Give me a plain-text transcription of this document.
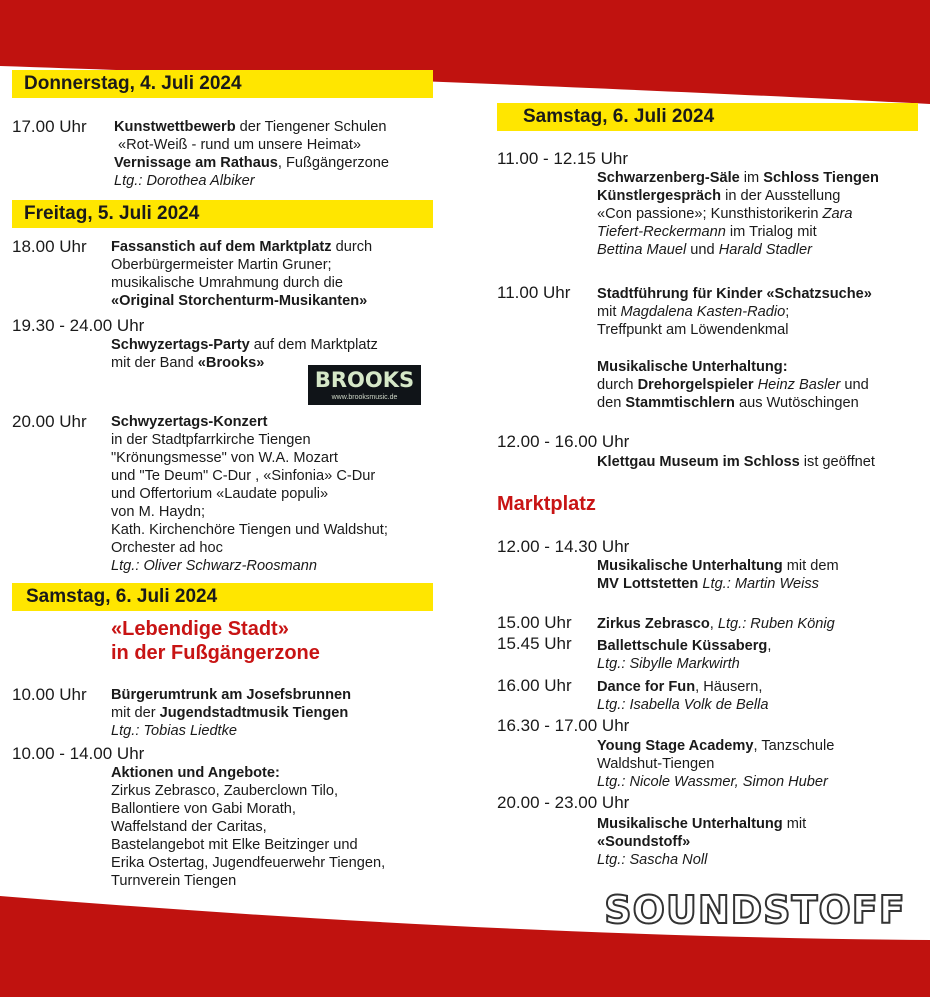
Donnerstag, 4. Juli 2024
17.00 Uhr Kunstwettbewerb der Tiengener Schulen
«Rot-Weiß - rund um unsere Heimat»
Vernissage am Rathaus, Fußgängerzone
Ltg.: Dorothea Albiker
Freitag, 5. Juli 2024
18.00 Uhr Fassanstich auf dem Marktplatz durch
Oberbürgermeister Martin Gruner;
musikalische Umrahmung durch die
«Original Storchenturm-Musikanten»
19.30 - 24.00 Uhr
Schwyzertags-Party auf dem Marktplatz
mit der Band «Brooks»
BROOKS
www.brooksmusic.de
20.00 Uhr Schwyzertags-Konzert
in der Stadtpfarrkirche Tiengen
"Krönungsmesse" von W.A. Mozart
und "Te Deum" C-Dur , «Sinfonia» C-Dur
und Offertorium «Laudate populi»
von M. Haydn;
Kath. Kirchenchöre Tiengen und Waldshut;
Orchester ad hoc
Ltg.: Oliver Schwarz-Roosmann
Samstag, 6. Juli 2024
«Lebendige Stadt»
in der Fußgängerzone
10.00 Uhr Bürgerumtrunk am Josefsbrunnen
mit der Jugendstadtmusik Tiengen
Ltg.: Tobias Liedtke
10.00 - 14.00 Uhr
Aktionen und Angebote:
Zirkus Zebrasco, Zauberclown Tilo,
Ballontiere von Gabi Morath,
Waffelstand der Caritas,
Bastelangebot mit Elke Beitzinger und
Erika Ostertag, Jugendfeuerwehr Tiengen,
Turnverein Tiengen
Samstag, 6. Juli 2024
11.00 - 12.15 Uhr
Schwarzenberg-Säle im Schloss Tiengen
Künstlergespräch in der Ausstellung
«Con passione»; Kunsthistorikerin Zara
Tiefert-Reckermann im Trialog mit
Bettina Mauel und Harald Stadler
11.00 Uhr Stadtführung für Kinder «Schatzsuche»
mit Magdalena Kasten-Radio;
Treffpunkt am Löwendenkmal
Musikalische Unterhaltung:
durch Drehorgelspieler Heinz Basler und
den Stammtischlern aus Wutöschingen
12.00 - 16.00 Uhr
Klettgau Museum im Schloss ist geöffnet
Marktplatz
12.00 - 14.30 Uhr
Musikalische Unterhaltung mit dem
MV Lottstetten Ltg.: Martin Weiss
15.00 Uhr Zirkus Zebrasco, Ltg.: Ruben König
15.45 Uhr Ballettschule Küssaberg,
Ltg.: Sibylle Markwirth
16.00 Uhr Dance for Fun, Häusern,
Ltg.: Isabella Volk de Bella
16.30 - 17.00 Uhr
Young Stage Academy, Tanzschule
Waldshut-Tiengen
Ltg.: Nicole Wassmer, Simon Huber
20.00 - 23.00 Uhr
Musikalische Unterhaltung mit
«Soundstoff»
Ltg.: Sascha Noll
SOUNDSTOFF
